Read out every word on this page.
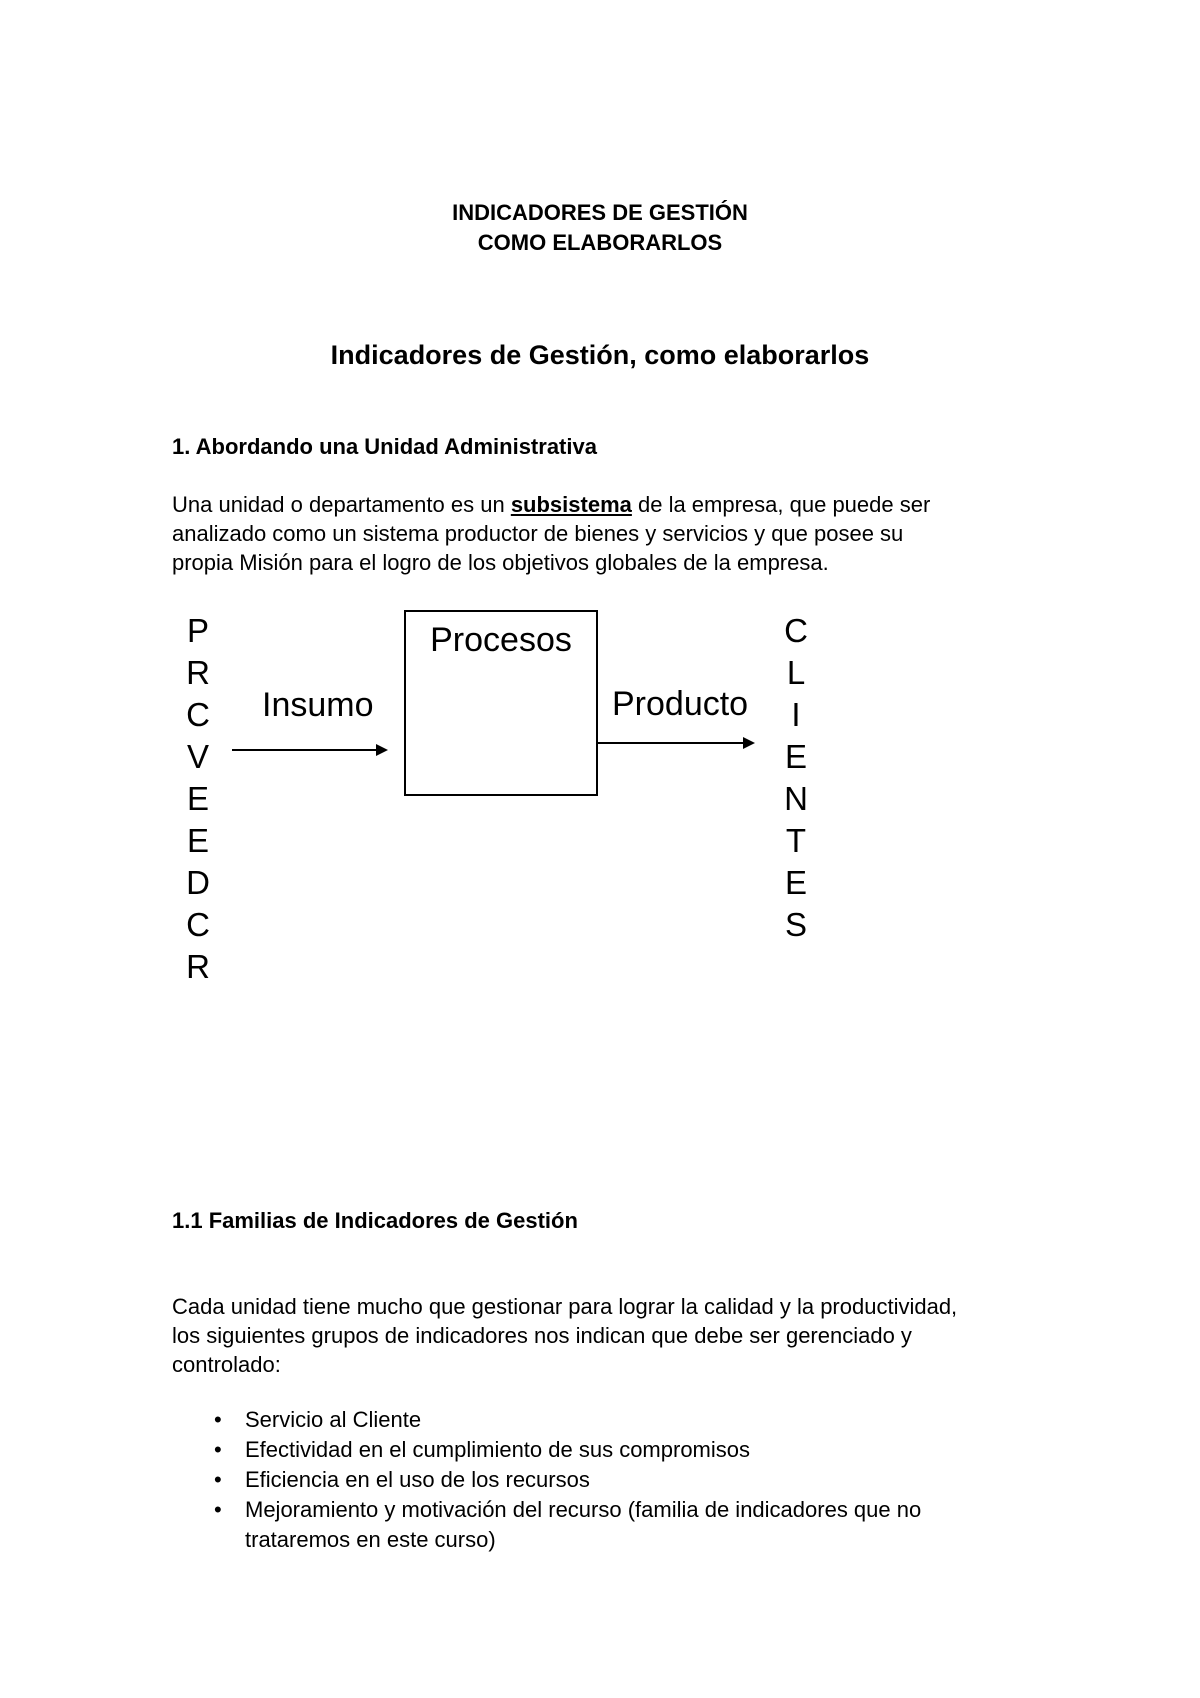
INDICADORES DE GESTIÓN
COMO ELABORARLOS
Indicadores de Gestión, como elaborarlos
1. Abordando una Unidad Administrativa

Una unidad o departamento es un subsistema de la empresa, que puede ser

analizado como un sistema productor de bienes y servicios y que posee su

propia Misión para el logro de los objetivos globales de la empresa.

P
R
C
V
E
E
D
C
R
Insumo
Procesos
Producto
C
L
I
E
N
T
E
S
1.1 Familias de Indicadores de Gestión

Cada unidad tiene mucho que gestionar para lograr la calidad y la productividad,

los siguientes grupos de indicadores nos indican que debe ser gerenciado y

controlado:

•	Servicio al Cliente
•	Efectividad en el cumplimiento de sus compromisos
•	Eficiencia en el uso de los recursos
•	Mejoramiento y motivación del recurso (familia de indicadores que no
trataremos en este curso)
